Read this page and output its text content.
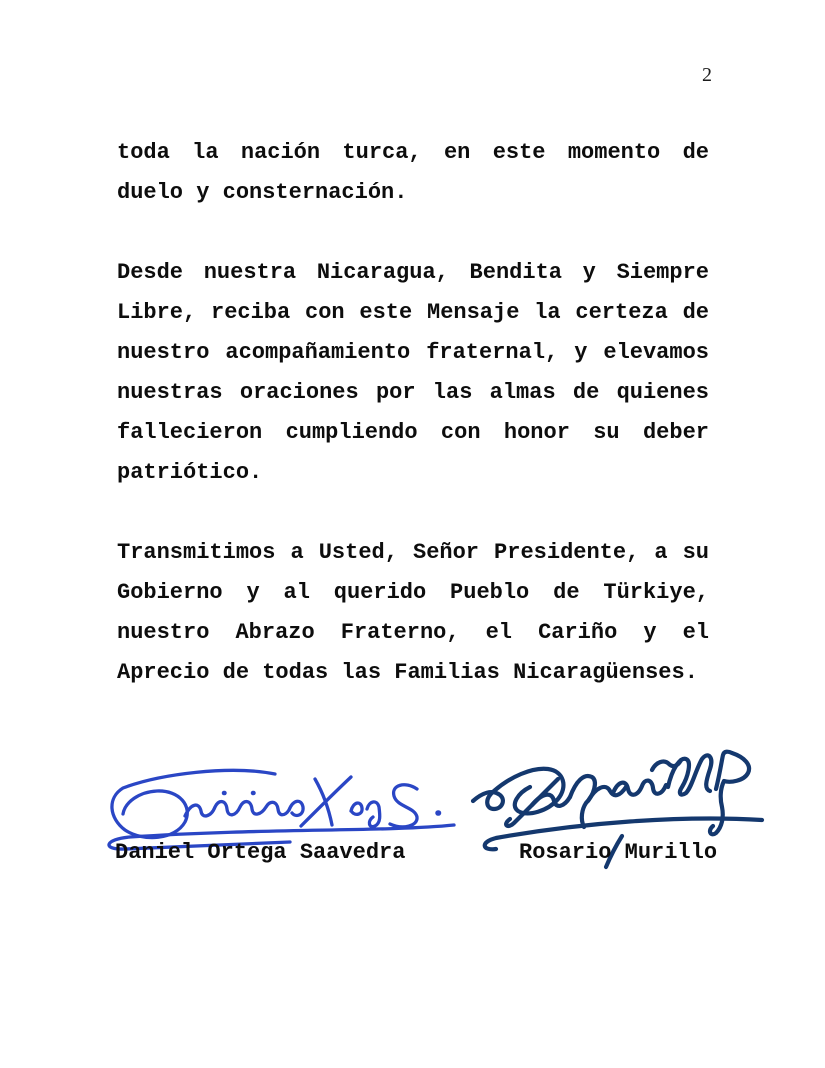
2

toda la nación turca, en este momento de duelo y consternación.

Desde nuestra Nicaragua, Bendita y Siempre Libre, reciba con este Mensaje la certeza de nuestro acompañamiento fraternal, y elevamos nuestras oraciones por las almas de quienes fallecieron cumpliendo con honor su deber patriótico.

Transmitimos a Usted, Señor Presidente, a su Gobierno y al querido Pueblo de Türkiye, nuestro Abrazo Fraterno, el Cariño y el Aprecio de todas las Familias Nicaragüenses.

Daniel Ortega Saavedra	Rosario Murillo
